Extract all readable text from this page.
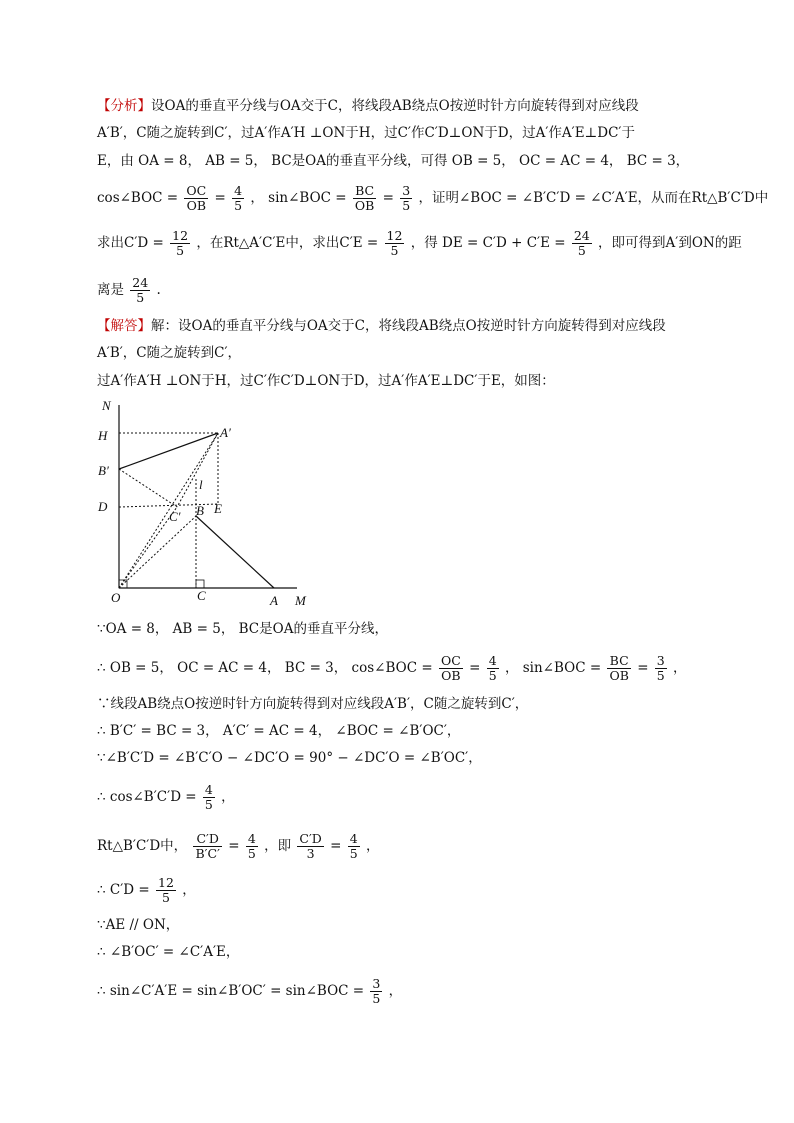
【分析】设OA的垂直平分线与OA交于C，将线段AB绕点O按逆时针方向旋转得到对应线段
A′B′，C随之旋转到C′，过A′作A′H ⊥ON于H，过C′作C′D⊥ON于D，过A′作A′E⊥DC′于
E，由 OA = 8， AB = 5， BC是OA的垂直平分线，可得 OB = 5， OC = AC = 4， BC = 3，
cos∠BOC = $\frac{OC}{OB} = \frac{4}{5}$ ， sin∠BOC = $\frac{BC}{OB} = \frac{3}{5}$ ，证明∠BOC = ∠B′C′D = ∠C′A′E，从而在Rt△B′C′D中
求出$C'D = \frac{12}{5}$ ，在Rt△A′C′E中，求出$C'E = \frac{12}{5}$ ，得 DE = $C'D + C'E = \frac{24}{5}$ ，即可得到A′到ON的距
离是 $\frac{24}{5}$ .
【解答】解：设OA的垂直平分线与OA交于C，将线段AB绕点O按逆时针方向旋转得到对应线段
A′B′，C随之旋转到C′，
过A′作A′H ⊥ON于H，过C′作C′D⊥ON于D，过A′作A′E⊥DC′于E，如图：
N
H
B′
D
C′ B
l
E
A′
O	C	A M
∵OA = 8， AB = 5， BC是OA的垂直平分线，
∴ OB = 5， OC = AC = 4， BC = 3， cos∠BOC = $\frac{OC}{OB} = \frac{4}{5}$ ， sin∠BOC = $\frac{BC}{OB} = \frac{3}{5}$ ，
∵线段AB绕点O按逆时针方向旋转得到对应线段A′B′，C随之旋转到C′，
∴ B′C′ = BC = 3， A′C′ = AC = 4， ∠BOC = ∠B′OC′，
∵∠B′C′D = ∠B′C′O − ∠DC′O = 90° − ∠DC′O = ∠B′OC′，
∴ cos∠B′C′D = $\frac{4}{5}$ ，
Rt△B′C′D中， $\frac{C'D}{B'C'} = \frac{4}{5}$ ，即 $\frac{C'D}{3} = \frac{4}{5}$ ，
∴ $C'D = \frac{12}{5}$ ，
∵AE // ON，
∴ ∠B′OC′ = ∠C′A′E，
∴ sin∠C′A′E = sin∠B′OC′ = sin∠BOC = $\frac{3}{5}$ ，
